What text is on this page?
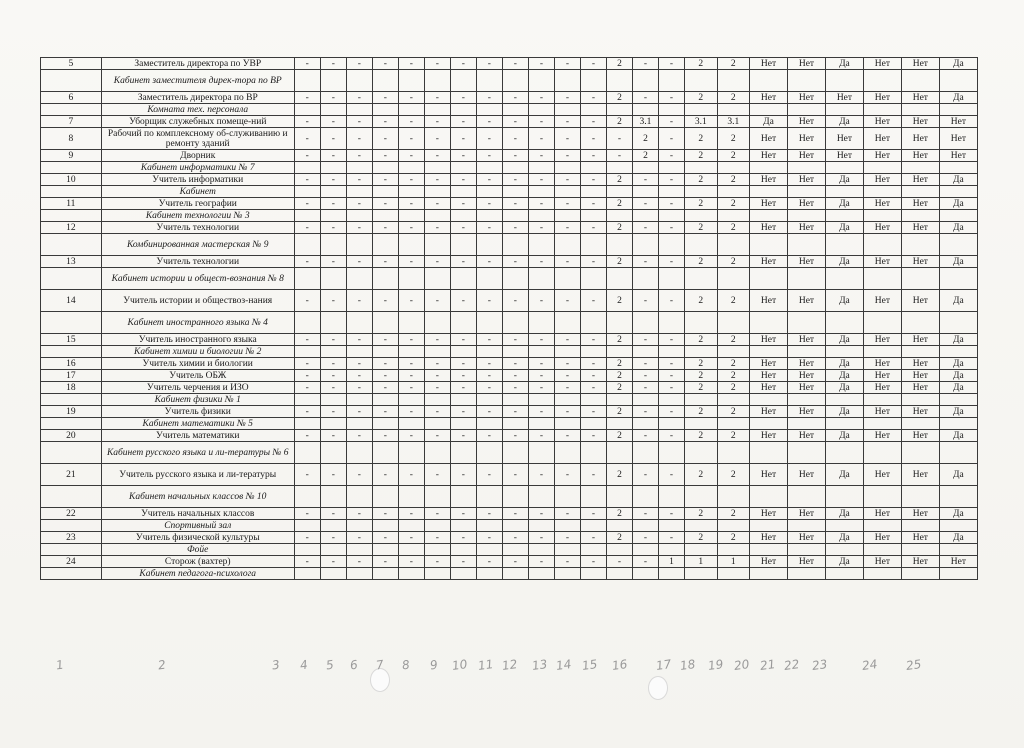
5	Заместитель директора по УВР	-	-	-	-	-	-	-	-	-	-	-	-	2	-	-	2	2	Нет	Нет	Да	Нет	Нет	Да
	Кабинет заместителя дирек-тора по ВР																							
6	Заместитель директора по ВР	-	-	-	-	-	-	-	-	-	-	-	-	2	-	-	2	2	Нет	Нет	Нет	Нет	Нет	Да
	Комната тех. персонала																							
7	Уборщик служебных помеще-ний	-	-	-	-	-	-	-	-	-	-	-	-	2	3.1	-	3.1	3.1	Да	Нет	Да	Нет	Нет	Нет
8	Рабочий по комплексному об-служиванию и ремонту зданий	-	-	-	-	-	-	-	-	-	-	-	-	-	2	-	2	2	Нет	Нет	Нет	Нет	Нет	Нет
9	Дворник	-	-	-	-	-	-	-	-	-	-	-	-	-	2	-	2	2	Нет	Нет	Нет	Нет	Нет	Нет
	Кабинет информатики № 7																							
10	Учитель информатики	-	-	-	-	-	-	-	-	-	-	-	-	2	-	-	2	2	Нет	Нет	Да	Нет	Нет	Да
	Кабинет																							
11	Учитель географии	-	-	-	-	-	-	-	-	-	-	-	-	2	-	-	2	2	Нет	Нет	Да	Нет	Нет	Да
	Кабинет технологии № 3																							
12	Учитель технологии	-	-	-	-	-	-	-	-	-	-	-	-	2	-	-	2	2	Нет	Нет	Да	Нет	Нет	Да
	Комбинированная мастерская № 9																							
13	Учитель технологии	-	-	-	-	-	-	-	-	-	-	-	-	2	-	-	2	2	Нет	Нет	Да	Нет	Нет	Да
	Кабинет истории и общест-вознания № 8																							
14	Учитель истории и обществоз-нания	-	-	-	-	-	-	-	-	-	-	-	-	2	-	-	2	2	Нет	Нет	Да	Нет	Нет	Да
	Кабинет иностранного языка № 4																							
15	Учитель иностранного языка	-	-	-	-	-	-	-	-	-	-	-	-	2	-	-	2	2	Нет	Нет	Да	Нет	Нет	Да
	Кабинет химии и биологии № 2																							
16	Учитель химии и биологии	-	-	-	-	-	-	-	-	-	-	-	-	2	-	-	2	2	Нет	Нет	Да	Нет	Нет	Да
17	Учитель ОБЖ	-	-	-	-	-	-	-	-	-	-	-	-	2	-	-	2	2	Нет	Нет	Да	Нет	Нет	Да
18	Учитель черчения и ИЗО	-	-	-	-	-	-	-	-	-	-	-	-	2	-	-	2	2	Нет	Нет	Да	Нет	Нет	Да
	Кабинет физики № 1																							
19	Учитель физики	-	-	-	-	-	-	-	-	-	-	-	-	2	-	-	2	2	Нет	Нет	Да	Нет	Нет	Да
	Кабинет математики № 5																							
20	Учитель математики	-	-	-	-	-	-	-	-	-	-	-	-	2	-	-	2	2	Нет	Нет	Да	Нет	Нет	Да
	Кабинет русского языка и ли-тературы № 6																							
21	Учитель русского языка и ли-тературы	-	-	-	-	-	-	-	-	-	-	-	-	2	-	-	2	2	Нет	Нет	Да	Нет	Нет	Да
	Кабинет начальных классов № 10																							
22	Учитель начальных классов	-	-	-	-	-	-	-	-	-	-	-	-	2	-	-	2	2	Нет	Нет	Да	Нет	Нет	Да
	Спортивный зал																							
23	Учитель физической культуры	-	-	-	-	-	-	-	-	-	-	-	-	2	-	-	2	2	Нет	Нет	Да	Нет	Нет	Да
	Фойе																							
24	Сторож (вахтер)	-	-	-	-	-	-	-	-	-	-	-	-	-	-	1	1	1	Нет	Нет	Да	Нет	Нет	Нет
	Кабинет педагога-психолога																							
1	2	3 4 5 6 7 8 9 10 11 12 13 14 15 16 17 18 19 20 21 22 23	24 25
